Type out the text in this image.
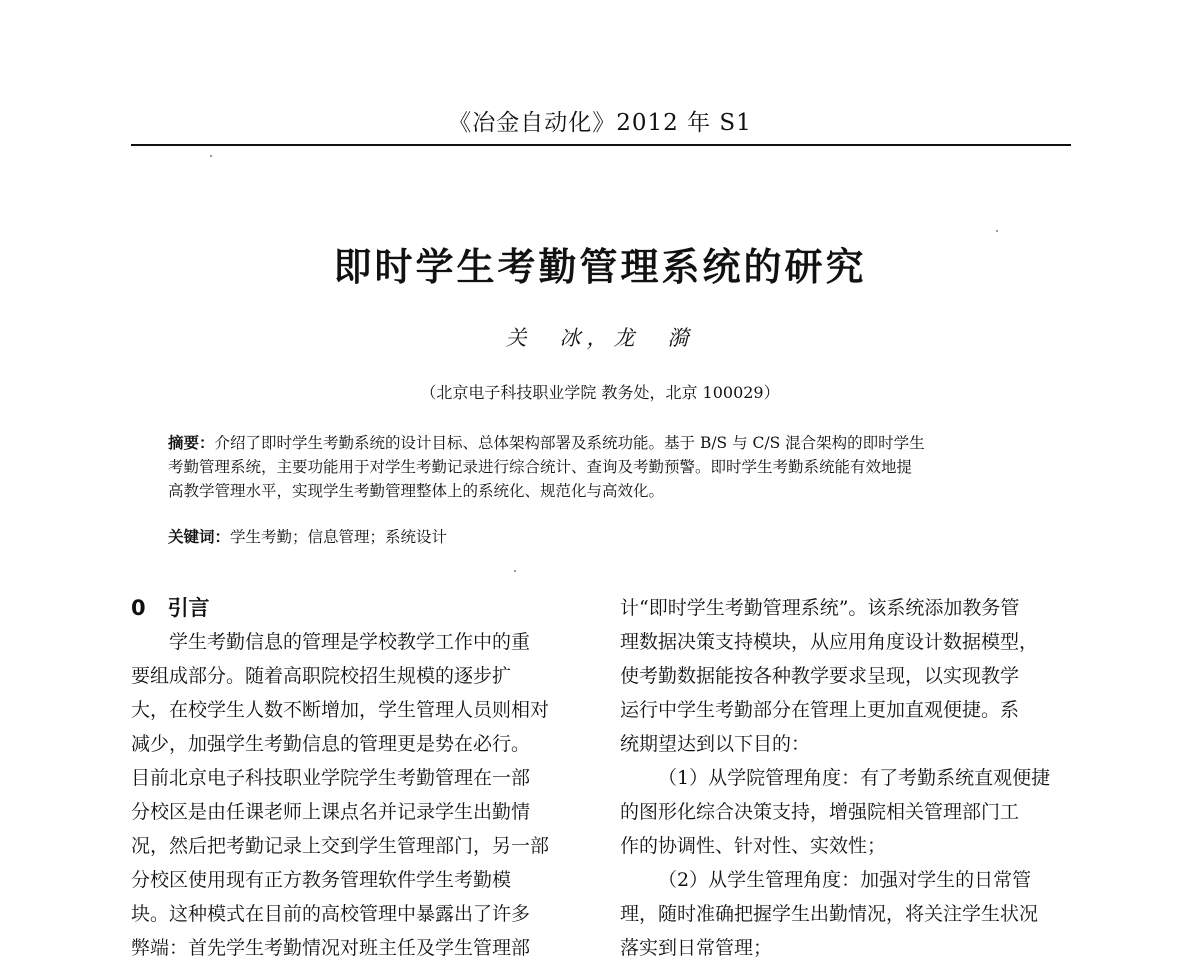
《冶金自动化》2012 年 S1
即时学生考勤管理系统的研究
关　冰，龙　漪
（北京电子科技职业学院 教务处，北京 100029）

摘要：介绍了即时学生考勤系统的设计目标、总体架构部署及系统功能。基于 B/S 与 C/S 混合架构的即时学生

考勤管理系统，主要功能用于对学生考勤记录进行综合统计、查询及考勤预警。即时学生考勤系统能有效地提

高教学管理水平，实现学生考勤管理整体上的系统化、规范化与高效化。

关键词：学生考勤；信息管理；系统设计

0 引言

学生考勤信息的管理是学校教学工作中的重

要组成部分。随着高职院校招生规模的逐步扩

大，在校学生人数不断增加，学生管理人员则相对

减少，加强学生考勤信息的管理更是势在必行。

目前北京电子科技职业学院学生考勤管理在一部

分校区是由任课老师上课点名并记录学生出勤情

况，然后把考勤记录上交到学生管理部门，另一部

分校区使用现有正方教务管理软件学生考勤模

块。这种模式在目前的高校管理中暴露出了许多

弊端：首先学生考勤情况对班主任及学生管理部

计“即时学生考勤管理系统”。该系统添加教务管

理数据决策支持模块，从应用角度设计数据模型，

使考勤数据能按各种教学要求呈现，以实现教学

运行中学生考勤部分在管理上更加直观便捷。系

统期望达到以下目的：

（1）从学院管理角度：有了考勤系统直观便捷

的图形化综合决策支持，增强院相关管理部门工

作的协调性、针对性、实效性；

（2）从学生管理角度：加强对学生的日常管

理，随时准确把握学生出勤情况，将关注学生状况

落实到日常管理；
